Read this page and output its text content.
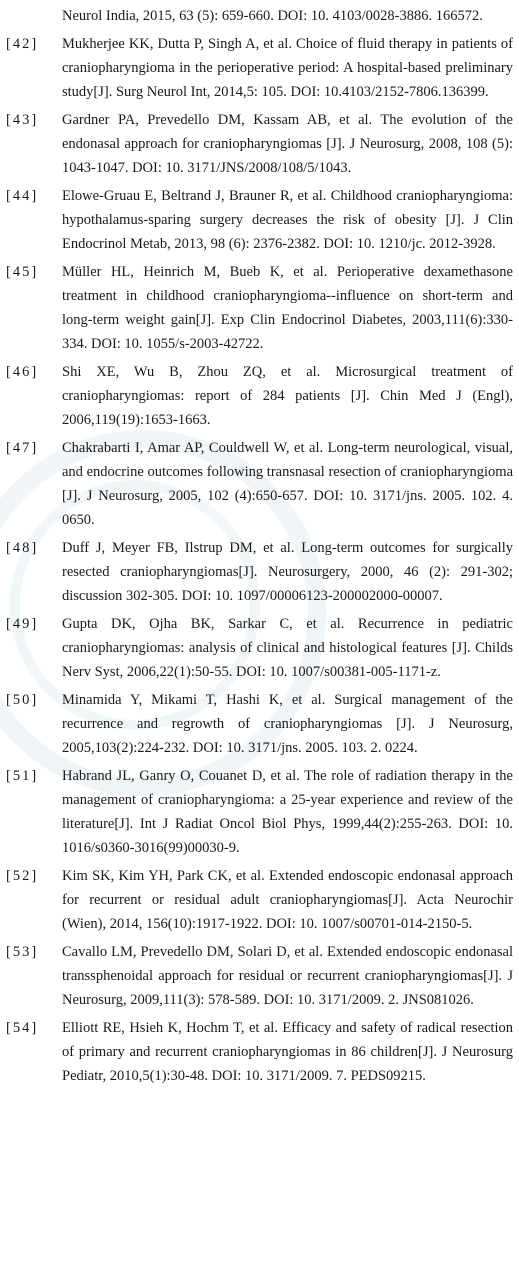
Neurol India, 2015, 63 (5): 659-660. DOI: 10. 4103/0028-3886. 166572.
[42]	Mukherjee KK, Dutta P, Singh A, et al. Choice of fluid therapy in patients of craniopharyngioma in the perioperative period: A hospital-based preliminary study[J]. Surg Neurol Int, 2014,5: 105. DOI: 10.4103/2152-7806.136399.
[43]	Gardner PA, Prevedello DM, Kassam AB, et al. The evolution of the endonasal approach for craniopharyngiomas [J]. J Neurosurg, 2008, 108 (5): 1043-1047. DOI: 10. 3171/JNS/2008/108/5/1043.
[44]	Elowe-Gruau E, Beltrand J, Brauner R, et al. Childhood craniopharyngioma: hypothalamus-sparing surgery decreases the risk of obesity [J]. J Clin Endocrinol Metab, 2013, 98 (6): 2376-2382. DOI: 10. 1210/jc. 2012-3928.
[45]	Müller HL, Heinrich M, Bueb K, et al. Perioperative dexamethasone treatment in childhood craniopharyngioma--influence on short-term and long-term weight gain[J]. Exp Clin Endocrinol Diabetes, 2003,111(6):330-334. DOI: 10. 1055/s-2003-42722.
[46]	Shi XE, Wu B, Zhou ZQ, et al. Microsurgical treatment of craniopharyngiomas: report of 284 patients [J]. Chin Med J (Engl), 2006,119(19):1653-1663.
[47]	Chakrabarti I, Amar AP, Couldwell W, et al. Long-term neurological, visual, and endocrine outcomes following transnasal resection of craniopharyngioma [J]. J Neurosurg, 2005, 102 (4):650-657. DOI: 10. 3171/jns. 2005. 102. 4. 0650.
[48]	Duff J, Meyer FB, Ilstrup DM, et al. Long-term outcomes for surgically resected craniopharyngiomas[J]. Neurosurgery, 2000, 46 (2): 291-302; discussion 302-305. DOI: 10. 1097/00006123-200002000-00007.
[49]	Gupta DK, Ojha BK, Sarkar C, et al. Recurrence in pediatric craniopharyngiomas: analysis of clinical and histological features [J]. Childs Nerv Syst, 2006,22(1):50-55. DOI: 10. 1007/s00381-005-1171-z.
[50]	Minamida Y, Mikami T, Hashi K, et al. Surgical management of the recurrence and regrowth of craniopharyngiomas [J]. J Neurosurg, 2005,103(2):224-232. DOI: 10. 3171/jns. 2005. 103. 2. 0224.
[51]	Habrand JL, Ganry O, Couanet D, et al. The role of radiation therapy in the management of craniopharyngioma: a 25-year experience and review of the literature[J]. Int J Radiat Oncol Biol Phys, 1999,44(2):255-263. DOI: 10. 1016/s0360-3016(99)00030-9.
[52]	Kim SK, Kim YH, Park CK, et al. Extended endoscopic endonasal approach for recurrent or residual adult craniopharyngiomas[J]. Acta Neurochir (Wien), 2014, 156(10):1917-1922. DOI: 10. 1007/s00701-014-2150-5.
[53]	Cavallo LM, Prevedello DM, Solari D, et al. Extended endoscopic endonasal transsphenoidal approach for residual or recurrent craniopharyngiomas[J]. J Neurosurg, 2009,111(3): 578-589. DOI: 10. 3171/2009. 2. JNS081026.
[54]	Elliott RE, Hsieh K, Hochm T, et al. Efficacy and safety of radical resection of primary and recurrent craniopharyngiomas in 86 children[J]. J Neurosurg Pediatr, 2010,5(1):30-48. DOI: 10. 3171/2009. 7. PEDS09215.
